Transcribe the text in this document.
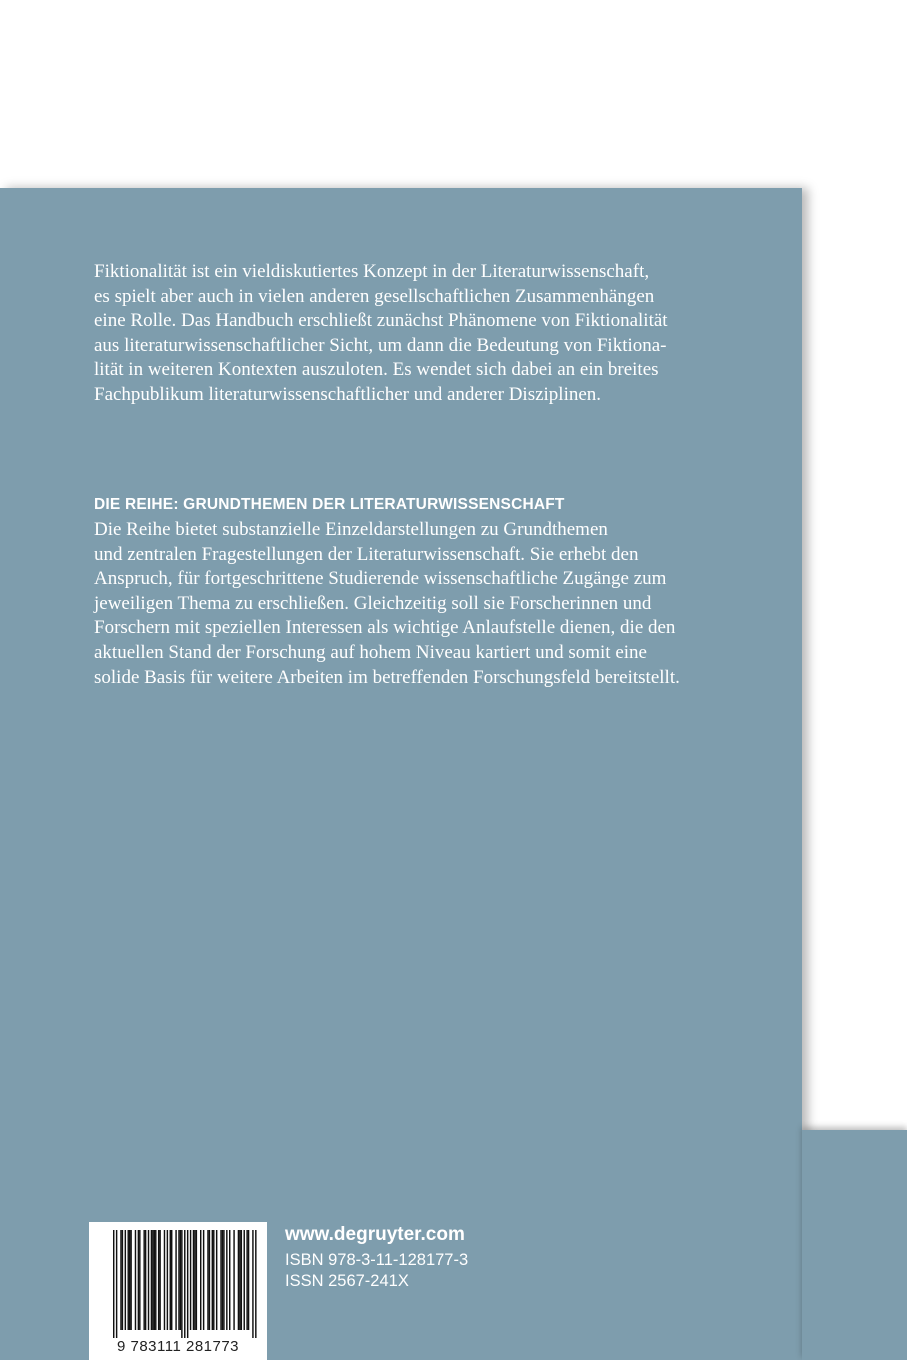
Fiktionalität ist ein vieldiskutiertes Konzept in der Literaturwissenschaft,
es spielt aber auch in vielen anderen gesellschaftlichen Zusammenhängen
eine Rolle. Das Handbuch erschließt zunächst Phänomene von Fiktionalität
aus literaturwissenschaftlicher Sicht, um dann die Bedeutung von Fiktiona-
lität in weiteren Kontexten auszuloten. Es wendet sich dabei an ein breites
Fachpublikum literaturwissenschaftlicher und anderer Disziplinen.

DIE REIHE: GRUNDTHEMEN DER LITERATURWISSENSCHAFT

Die Reihe bietet substanzielle Einzeldarstellungen zu Grundthemen
und zentralen Fragestellungen der Literaturwissenschaft. Sie erhebt den
Anspruch, für fortgeschrittene Studierende wissenschaftliche Zugänge zum
jeweiligen Thema zu erschließen. Gleichzeitig soll sie Forscherinnen und
Forschern mit speziellen Interessen als wichtige Anlaufstelle dienen, die den
aktuellen Stand der Forschung auf hohem Niveau kartiert und somit eine
solide Basis für weitere Arbeiten im betreffenden Forschungsfeld bereitstellt.

9 783111 281773
www.degruyter.com
ISBN 978-3-11-128177-3
ISSN 2567-241X
